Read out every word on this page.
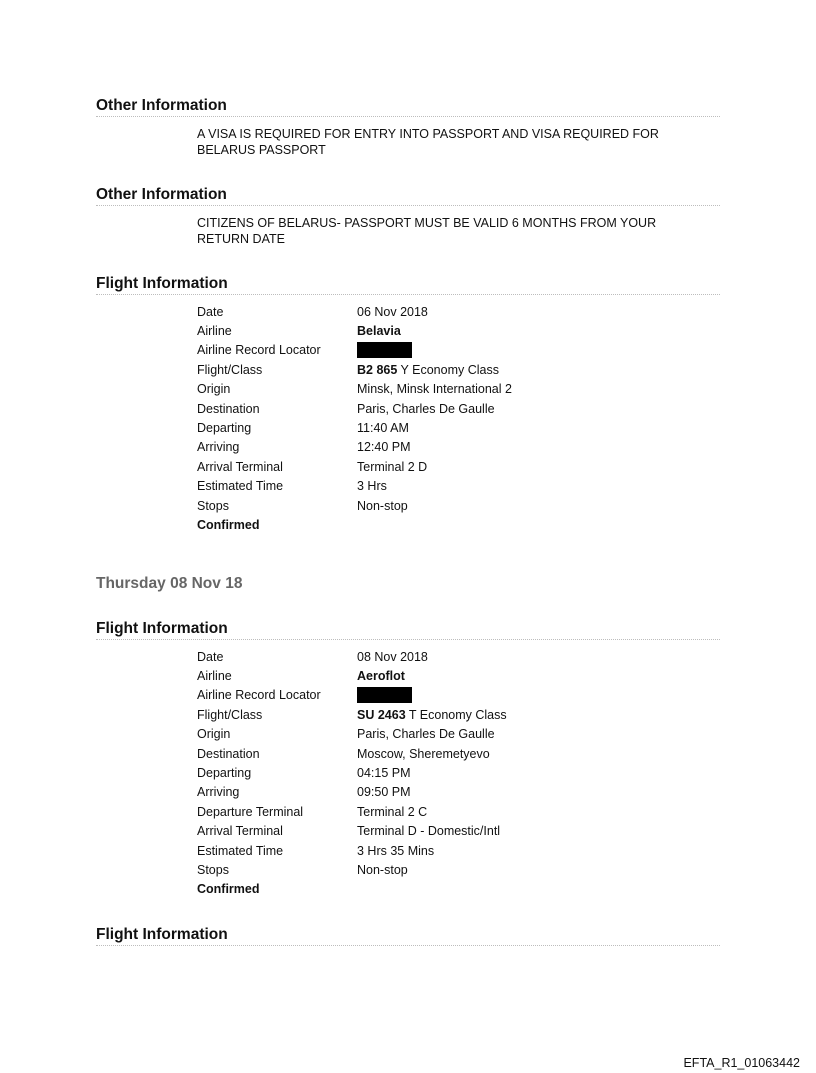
Other Information
A VISA IS REQUIRED FOR ENTRY INTO PASSPORT AND VISA REQUIRED FOR
BELARUS PASSPORT
Other Information
CITIZENS OF BELARUS- PASSPORT MUST BE VALID 6 MONTHS FROM YOUR
RETURN DATE
Flight Information
Date	06 Nov 2018
Airline	Belavia
Airline Record Locator	
Flight/Class	B2 865 Y Economy Class
Origin	Minsk, Minsk International 2
Destination	Paris, Charles De Gaulle
Departing	11:40 AM
Arriving	12:40 PM
Arrival Terminal	Terminal 2 D
Estimated Time	3 Hrs
Stops	Non-stop
Confirmed	
Thursday 08 Nov 18
Flight Information
Date	08 Nov 2018
Airline	Aeroflot
Airline Record Locator	
Flight/Class	SU 2463 T Economy Class
Origin	Paris, Charles De Gaulle
Destination	Moscow, Sheremetyevo
Departing	04:15 PM
Arriving	09:50 PM
Departure Terminal	Terminal 2 C
Arrival Terminal	Terminal D - Domestic/Intl
Estimated Time	3 Hrs 35 Mins
Stops	Non-stop
Confirmed	
Flight Information
EFTA_R1_01063442
